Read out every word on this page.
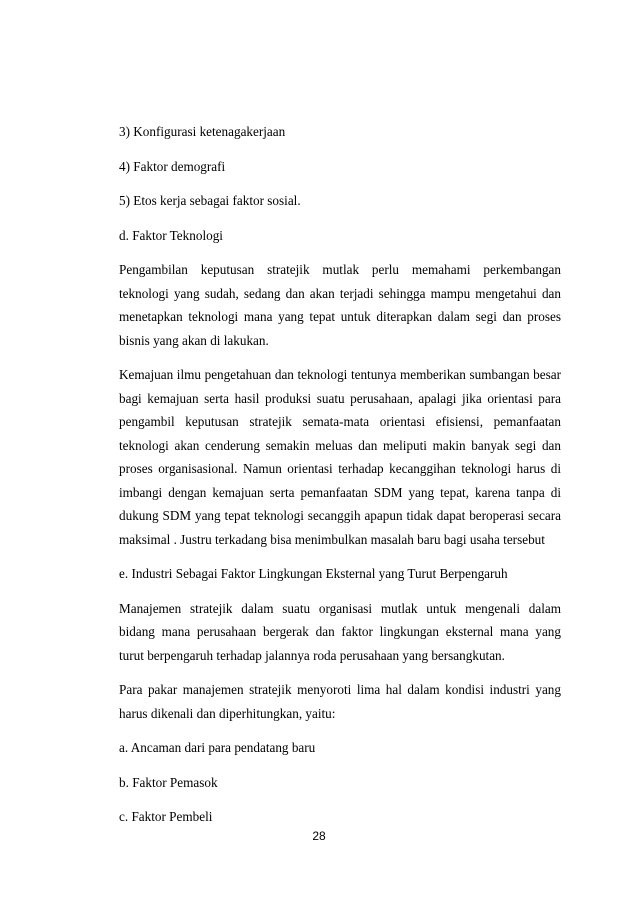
3) Konfigurasi ketenagakerjaan
4) Faktor demografi
5) Etos kerja sebagai faktor sosial.
d. Faktor Teknologi
Pengambilan keputusan stratejik mutlak perlu memahami perkembangan
teknologi yang sudah, sedang dan akan terjadi sehingga mampu mengetahui dan
menetapkan teknologi mana yang tepat untuk diterapkan dalam segi dan proses
bisnis yang akan di lakukan.
Kemajuan ilmu pengetahuan dan teknologi tentunya memberikan sumbangan besar
bagi kemajuan serta hasil produksi suatu perusahaan, apalagi jika orientasi para
pengambil keputusan stratejik semata-mata orientasi efisiensi, pemanfaatan
teknologi akan cenderung semakin meluas dan meliputi makin banyak segi dan
proses organisasional. Namun orientasi terhadap kecanggihan teknologi harus di
imbangi dengan kemajuan serta pemanfaatan SDM yang tepat, karena tanpa di
dukung SDM yang tepat teknologi secanggih apapun tidak dapat beroperasi secara
maksimal . Justru terkadang bisa menimbulkan masalah baru bagi usaha tersebut
e. Industri Sebagai Faktor Lingkungan Eksternal yang Turut Berpengaruh
Manajemen stratejik dalam suatu organisasi mutlak untuk mengenali dalam
bidang mana perusahaan bergerak dan faktor lingkungan eksternal mana yang
turut berpengaruh terhadap jalannya roda perusahaan yang bersangkutan.
Para pakar manajemen stratejik menyoroti lima hal dalam kondisi industri yang
harus dikenali dan diperhitungkan, yaitu:
a. Ancaman dari para pendatang baru
b. Faktor Pemasok
c. Faktor Pembeli
28
